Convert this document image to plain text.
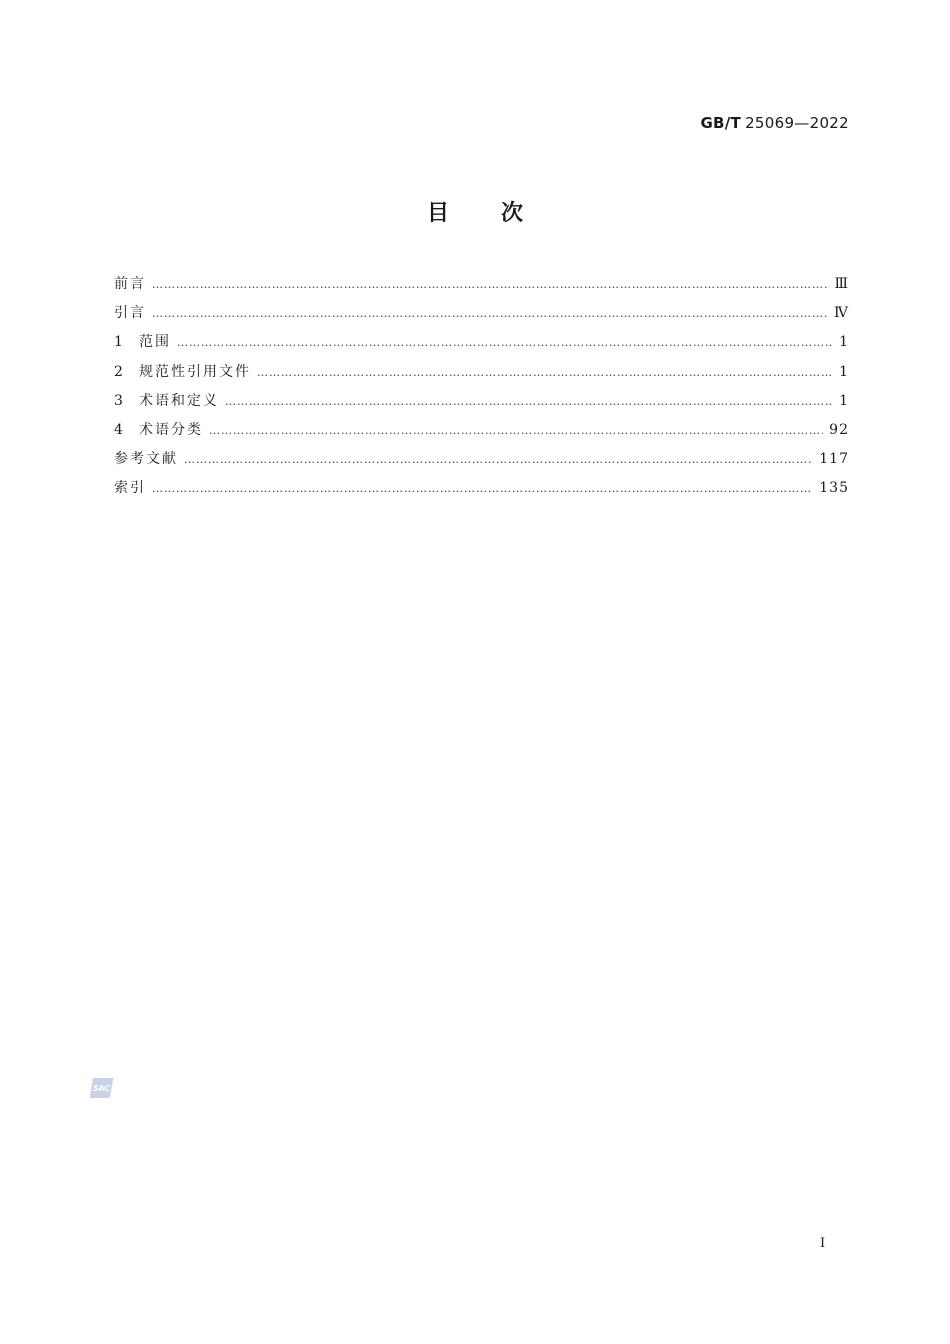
GB/T 25069—2022
目次
前言 …………………………………………………………………………………………………………………………………………………………………………………………………………………………	Ⅲ
引言 …………………………………………………………………………………………………………………………………………………………………………………………………………………………	Ⅳ
1	范围 …………………………………………………………………………………………………………………………………………………………………………………………………………………………	1
2	规范性引用文件 …………………………………………………………………………………………………………………………………………………………………………………………………………………………	1
3	术语和定义 …………………………………………………………………………………………………………………………………………………………………………………………………………………………	1
4	术语分类 …………………………………………………………………………………………………………………………………………………………………………………………………………………………	92
参考文献 …………………………………………………………………………………………………………………………………………………………………………………………………………………………	117
索引 …………………………………………………………………………………………………………………………………………………………………………………………………………………………	135
SAC
I
